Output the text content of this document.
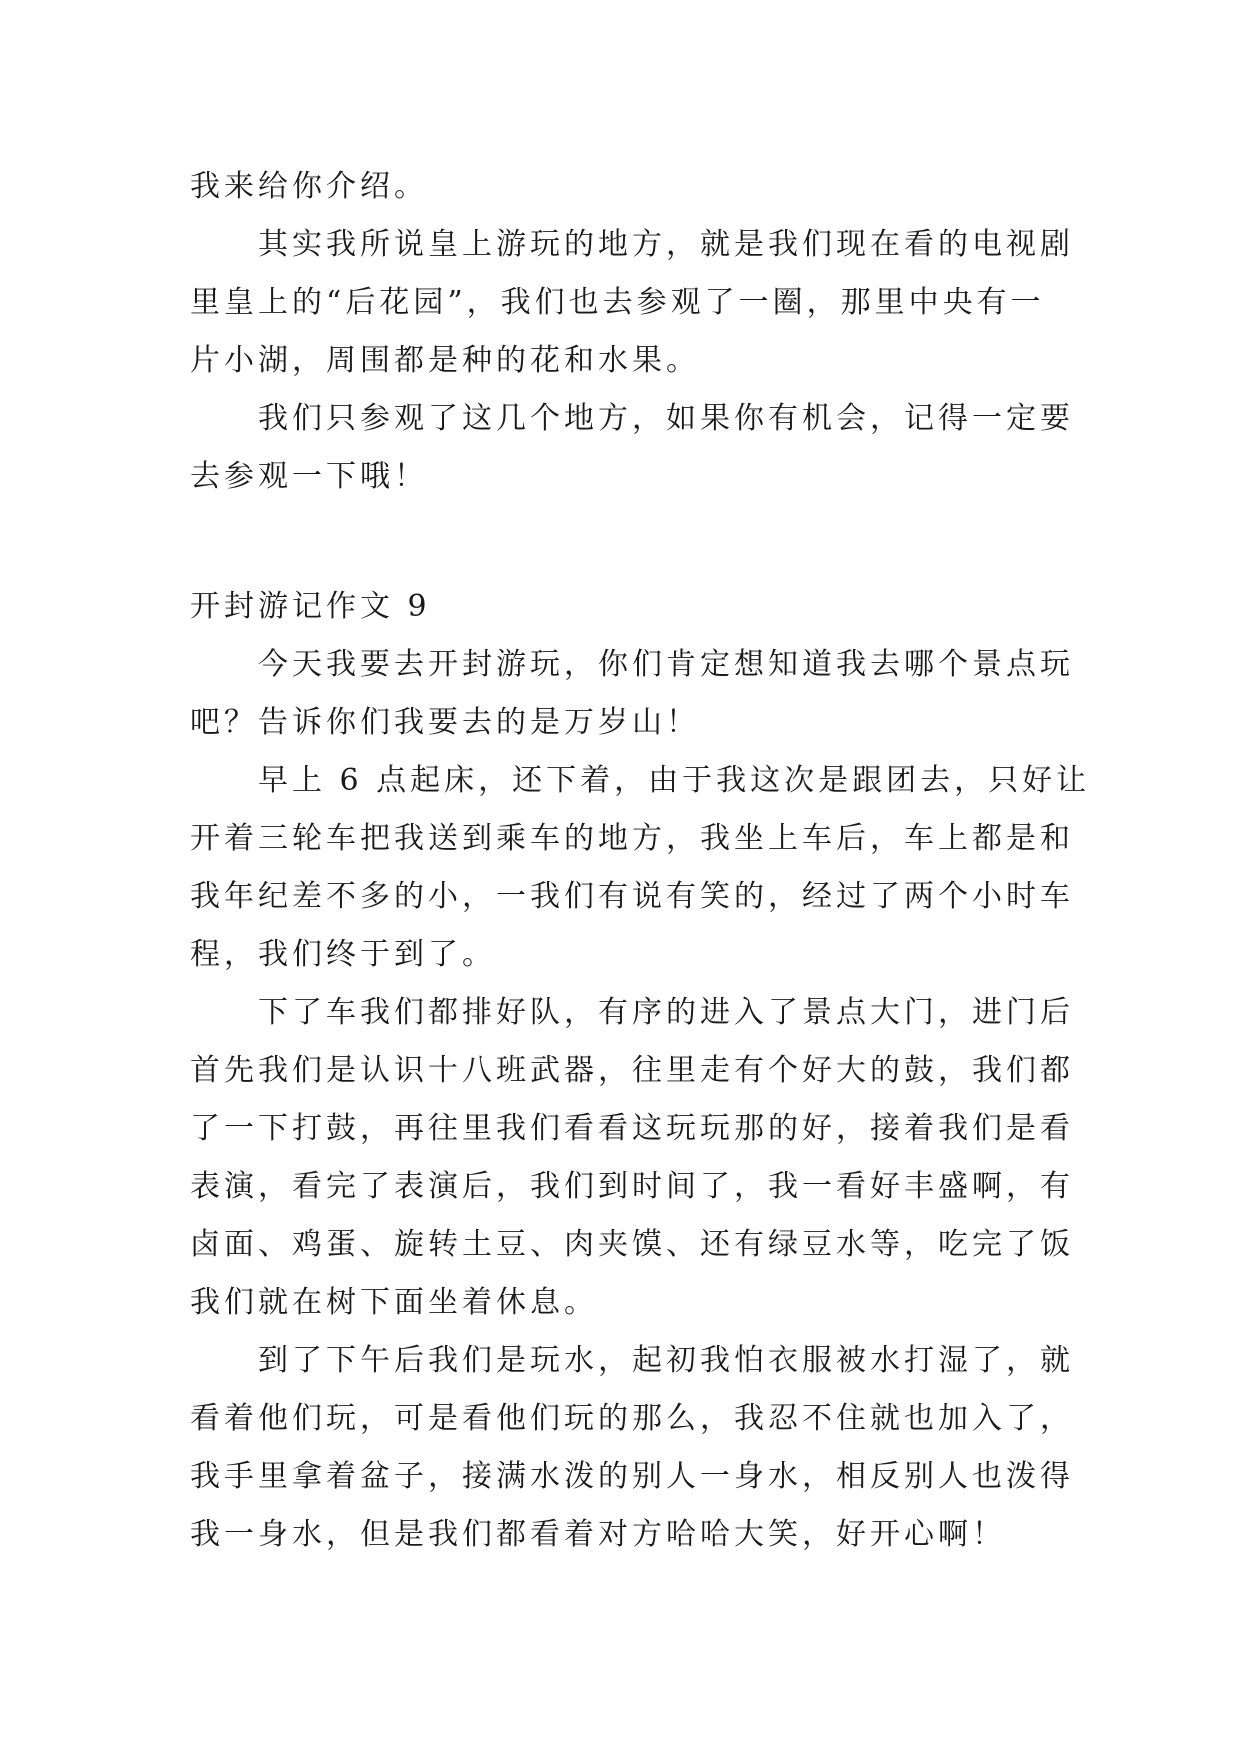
我来给你介绍。
其实我所说皇上游玩的地方，就是我们现在看的电视剧
里皇上的“后花园”，我们也去参观了一圈，那里中央有一
片小湖，周围都是种的花和水果。
我们只参观了这几个地方，如果你有机会，记得一定要
去参观一下哦！
开封游记作文 9
今天我要去开封游玩，你们肯定想知道我去哪个景点玩
吧？告诉你们我要去的是万岁山！
早上 6 点起床，还下着，由于我这次是跟团去，只好让
开着三轮车把我送到乘车的地方，我坐上车后，车上都是和
我年纪差不多的小，一我们有说有笑的，经过了两个小时车
程，我们终于到了。
下了车我们都排好队，有序的进入了景点大门，进门后
首先我们是认识十八班武器，往里走有个好大的鼓，我们都
了一下打鼓，再往里我们看看这玩玩那的好，接着我们是看
表演，看完了表演后，我们到时间了，我一看好丰盛啊，有
卤面、鸡蛋、旋转土豆、肉夹馍、还有绿豆水等，吃完了饭
我们就在树下面坐着休息。
到了下午后我们是玩水，起初我怕衣服被水打湿了，就
看着他们玩，可是看他们玩的那么，我忍不住就也加入了，
我手里拿着盆子，接满水泼的别人一身水，相反别人也泼得
我一身水，但是我们都看着对方哈哈大笑，好开心啊！
